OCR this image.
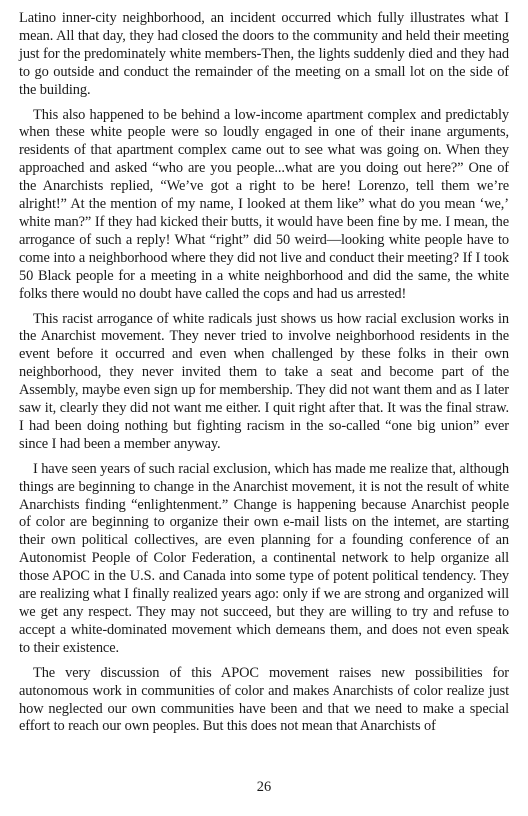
Latino inner-city neighborhood, an incident occurred which fully illustrates what I mean. All that day, they had closed the doors to the community and held their meeting just for the predominately white members-Then, the lights suddenly died and they had to go outside and conduct the remainder of the meeting on a small lot on the side of the building.

This also happened to be behind a low-income apartment complex and predictably when these white people were so loudly engaged in one of their inane arguments, residents of that apartment complex came out to see what was going on. When they approached and asked “who are you people...what are you doing out here?” One of the Anarchists replied, “We’ve got a right to be here! Lorenzo, tell them we’re alright!” At the mention of my name, I looked at them like” what do you mean ‘we,’ white man?” If they had kicked their butts, it would have been fine by me. I mean, the arrogance of such a reply! What “right” did 50 weird—looking white people have to come into a neighborhood where they did not live and conduct their meeting? If I took 50 Black people for a meeting in a white neighborhood and did the same, the white folks there would no doubt have called the cops and had us arrested!

This racist arrogance of white radicals just shows us how racial exclusion works in the Anarchist movement. They never tried to involve neighborhood residents in the event before it occurred and even when challenged by these folks in their own neighborhood, they never invited them to take a seat and become part of the Assembly, maybe even sign up for membership. They did not want them and as I later saw it, clearly they did not want me either. I quit right after that. It was the final straw. I had been doing nothing but fighting racism in the so-called “one big union” ever since I had been a member anyway.

I have seen years of such racial exclusion, which has made me realize that, although things are beginning to change in the Anarchist movement, it is not the result of white Anarchists finding “enlightenment.” Change is happening because Anarchist people of color are beginning to organize their own e-mail lists on the intemet, are starting their own political collectives, are even planning for a founding conference of an Autonomist People of Color Federation, a continental network to help organize all those APOC in the U.S. and Canada into some type of potent political tendency. They are realizing what I finally realized years ago: only if we are strong and organized will we get any respect. They may not succeed, but they are willing to try and refuse to accept a white-dominated movement which demeans them, and does not even speak to their existence.

The very discussion of this APOC movement raises new possibilities for autonomous work in communities of color and makes Anarchists of color realize just how neglected our own communities have been and that we need to make a special effort to reach our own peoples. But this does not mean that Anarchists of

26
